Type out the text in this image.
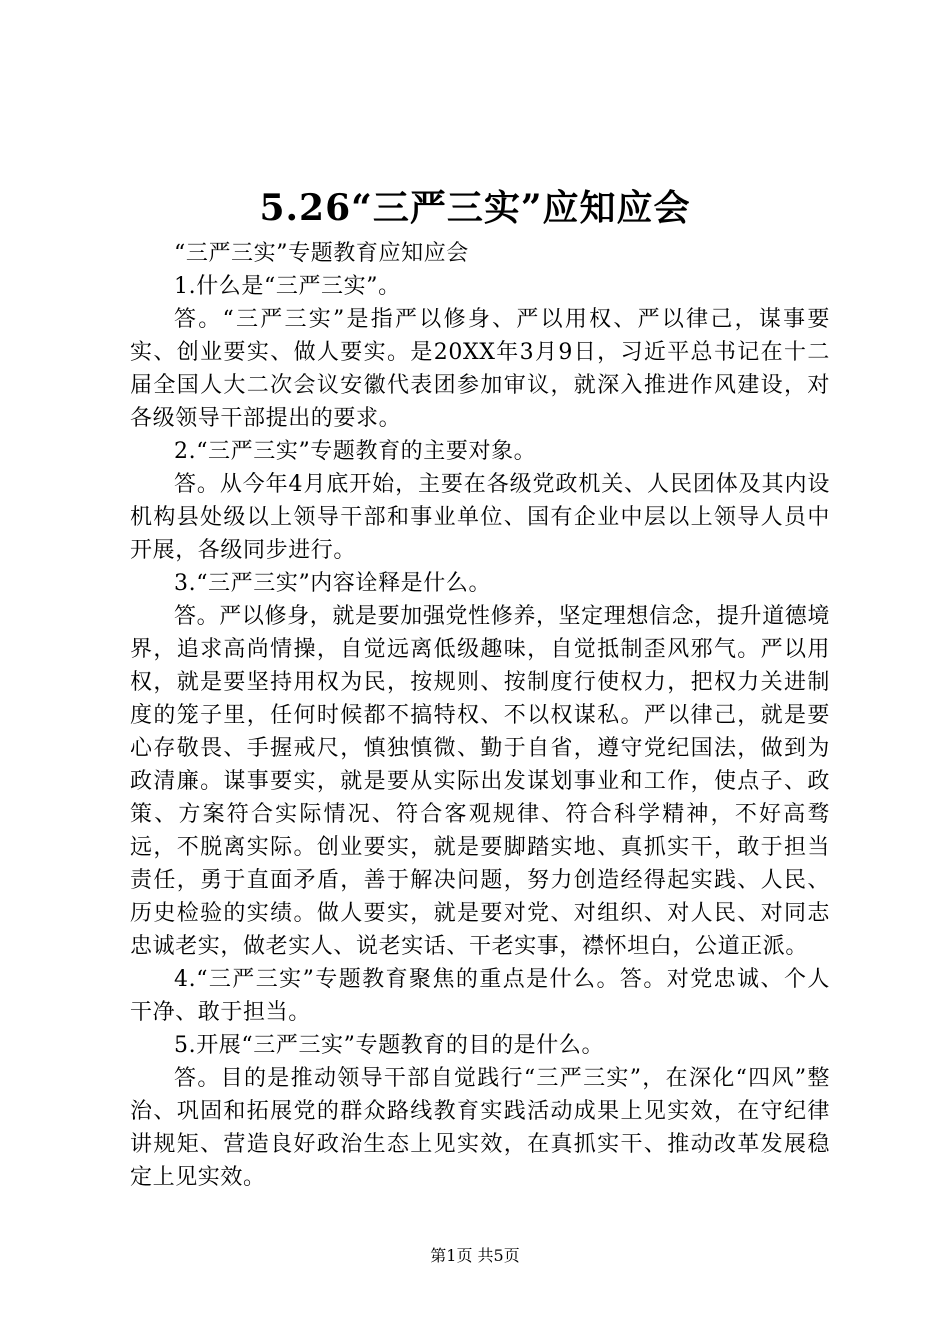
5.26“三严三实”应知应会

“三严三实”专题教育应知应会

1.什么是“三严三实”。

答。“三严三实”是指严以修身、严以用权、严以律己，谋事要实、创业要实、做人要实。是20XX年3月9日，习近平总书记在十二届全国人大二次会议安徽代表团参加审议，就深入推进作风建设，对各级领导干部提出的要求。

2.“三严三实”专题教育的主要对象。

答。从今年4月底开始，主要在各级党政机关、人民团体及其内设机构县处级以上领导干部和事业单位、国有企业中层以上领导人员中开展，各级同步进行。

3.“三严三实”内容诠释是什么。

答。严以修身，就是要加强党性修养，坚定理想信念，提升道德境界，追求高尚情操，自觉远离低级趣味，自觉抵制歪风邪气。严以用权，就是要坚持用权为民，按规则、按制度行使权力，把权力关进制度的笼子里，任何时候都不搞特权、不以权谋私。严以律己，就是要心存敬畏、手握戒尺，慎独慎微、勤于自省，遵守党纪国法，做到为政清廉。谋事要实，就是要从实际出发谋划事业和工作，使点子、政策、方案符合实际情况、符合客观规律、符合科学精神，不好高骛远，不脱离实际。创业要实，就是要脚踏实地、真抓实干，敢于担当责任，勇于直面矛盾，善于解决问题，努力创造经得起实践、人民、历史检验的实绩。做人要实，就是要对党、对组织、对人民、对同志忠诚老实，做老实人、说老实话、干老实事，襟怀坦白，公道正派。

4.“三严三实”专题教育聚焦的重点是什么。答。对党忠诚、个人干净、敢于担当。

5.开展“三严三实”专题教育的目的是什么。

答。目的是推动领导干部自觉践行“三严三实”，在深化“四风”整治、巩固和拓展党的群众路线教育实践活动成果上见实效，在守纪律讲规矩、营造良好政治生态上见实效，在真抓实干、推动改革发展稳定上见实效。

第1页 共5页
